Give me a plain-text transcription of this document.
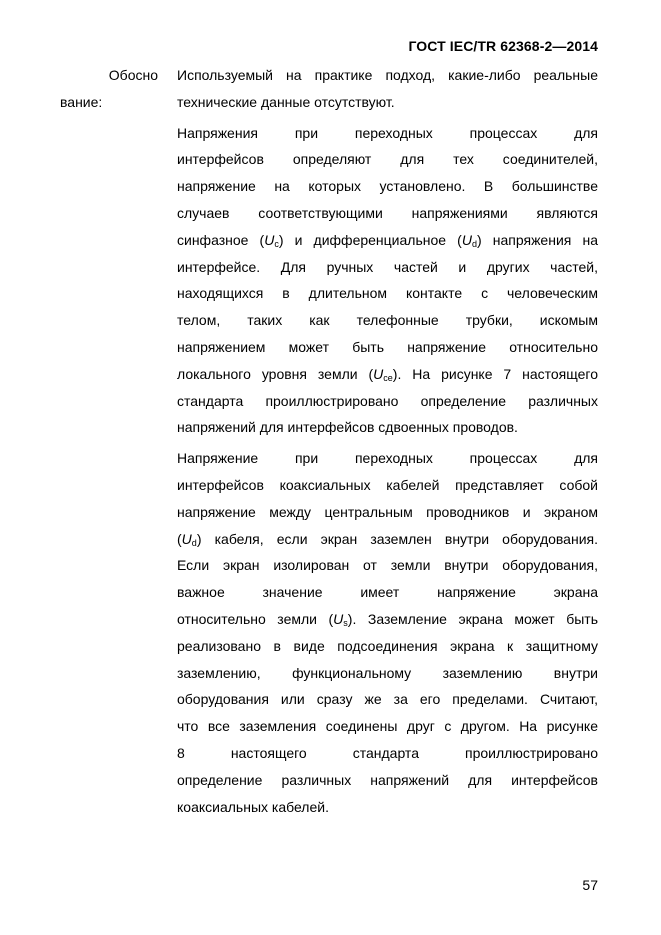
ГОСТ IEC/TR 62368-2—2014
Обосно
вание:
Используемый на практике подход, какие-либо реальные
технические данные отсутствуют.
Напряжения при переходных процессах для
интерфейсов определяют для тех соединителей,
напряжение на которых установлено. В большинстве
случаев соответствующими напряжениями являются
синфазное $(U_c)$ и дифференциальное $(U_d)$ напряжения на
интерфейсе. Для ручных частей и других частей,
находящихся в длительном контакте с человеческим
телом, таких как телефонные трубки, искомым
напряжением может быть напряжение относительно
локального уровня земли $(U_{ce})$. На рисунке 7 настоящего
стандарта проиллюстрировано определение различных
напряжений для интерфейсов сдвоенных проводов.
Напряжение при переходных процессах для
интерфейсов коаксиальных кабелей представляет собой
напряжение между центральным проводников и экраном
$(U_d)$ кабеля, если экран заземлен внутри оборудования.
Если экран изолирован от земли внутри оборудования,
важное значение имеет напряжение экрана
относительно земли $(U_s)$. Заземление экрана может быть
реализовано в виде подсоединения экрана к защитному
заземлению, функциональному заземлению внутри
оборудования или сразу же за его пределами. Считают,
что все заземления соединены друг с другом. На рисунке
8 настоящего стандарта проиллюстрировано
определение различных напряжений для интерфейсов
коаксиальных кабелей.
57
